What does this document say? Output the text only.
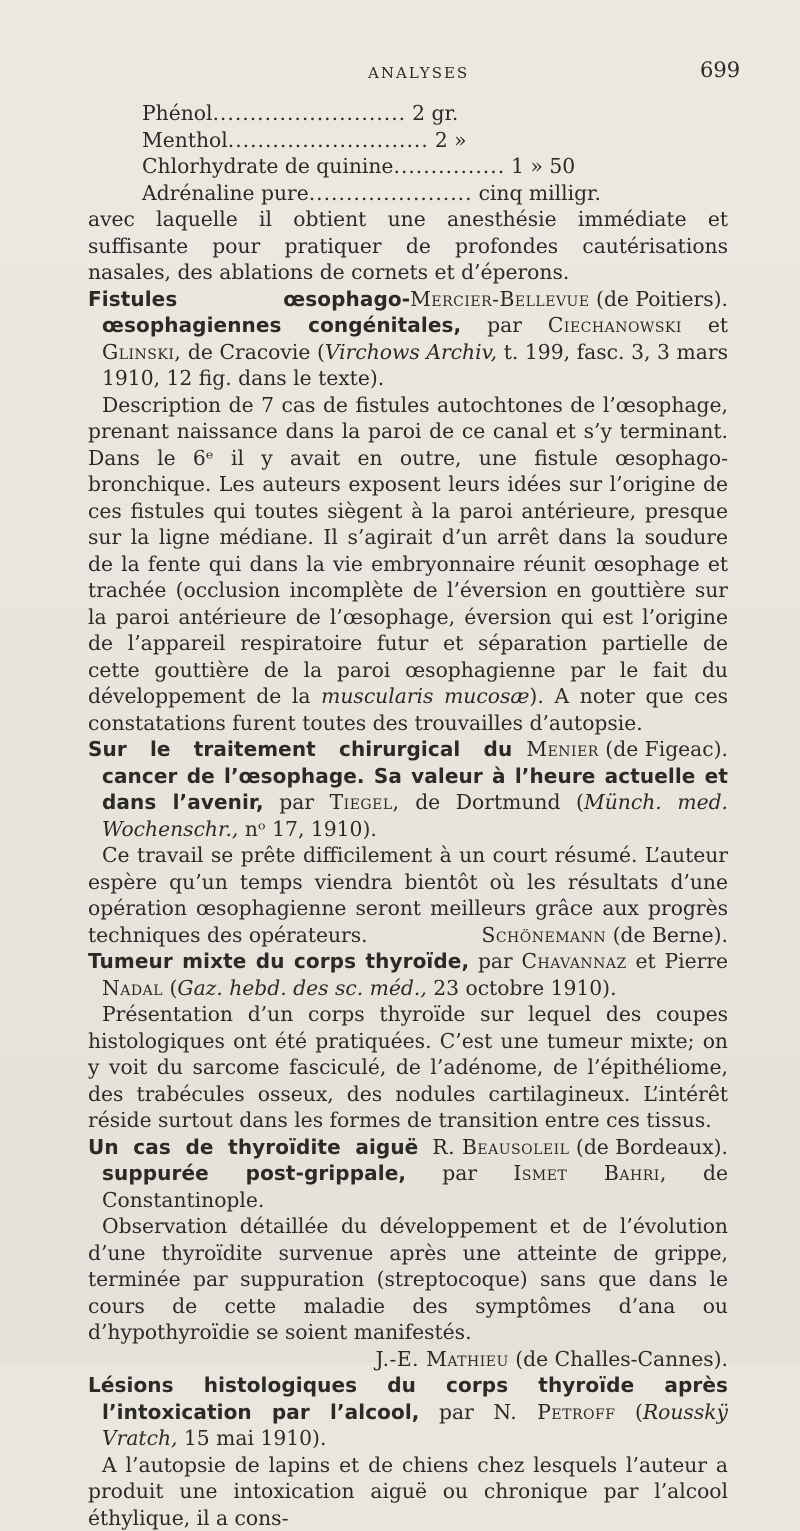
ANALYSES	699
Phénol .......................... 2 gr.
Menthol ........................... 2 »
Chlorhydrate de quinine ............... 1 » 50
Adrénaline pure ...................... cinq milligr.

avec laquelle il obtient une anesthésie immédiate et suffisante pour pratiquer de profondes cautérisations nasales, des ablations de cornets et d’éperons.
Mercier-Bellevue (de Poitiers).

Fistules œsophago-œsophagiennes congénitales, par Ciechanowski et Glinski, de Cracovie (Virchows Archiv, t. 199, fasc. 3, 3 mars 1910, 12 fig. dans le texte).

Description de 7 cas de fistules autochtones de l’œsophage, prenant naissance dans la paroi de ce canal et s’y terminant. Dans le 6ᵉ il y avait en outre, une fistule œsophago-bronchique. Les auteurs exposent leurs idées sur l’origine de ces fistules qui toutes siègent à la paroi antérieure, presque sur la ligne médiane. Il s’agirait d’un arrêt dans la soudure de la fente qui dans la vie embryonnaire réunit œsophage et trachée (occlusion incomplète de l’éversion en gouttière sur la paroi antérieure de l’œsophage, éversion qui est l’origine de l’appareil respiratoire futur et séparation partielle de cette gouttière de la paroi œsophagienne par le fait du développement de la muscularis mucosæ). A noter que ces constatations furent toutes des trouvailles d’autopsie.
Menier (de Figeac).

Sur le traitement chirurgical du cancer de l’œsophage. Sa valeur à l’heure actuelle et dans l’avenir, par Tiegel, de Dortmund (Münch. med. Wochenschr., nᵒ 17, 1910).

Ce travail se prête difficilement à un court résumé. L’auteur espère qu’un temps viendra bientôt où les résultats d’une opération œsophagienne seront meilleurs grâce aux progrès techniques des opérateurs.	Schönemann (de Berne).

Tumeur mixte du corps thyroïde, par Chavannaz et Pierre Nadal (Gaz. hebd. des sc. méd., 23 octobre 1910).

Présentation d’un corps thyroïde sur lequel des coupes histologiques ont été pratiquées. C’est une tumeur mixte; on y voit du sarcome fasciculé, de l’adénome, de l’épithéliome, des trabécules osseux, des nodules cartilagineux. L’intérêt réside surtout dans les formes de transition entre ces tissus.
R. Beausoleil (de Bordeaux).

Un cas de thyroïdite aiguë suppurée post-grippale, par Ismet Bahri, de Constantinople.

Observation détaillée du développement et de l’évolution d’une thyroïdite survenue après une atteinte de grippe, terminée par suppuration (streptocoque) sans que dans le cours de cette maladie des symptômes d’ana ou d’hypothyroïdie se soient manifestés.

J.-E. Mathieu (de Challes-Cannes).

Lésions histologiques du corps thyroïde après l’intoxication par l’alcool, par N. Petroff (Rousskÿ Vratch, 15 mai 1910).

A l’autopsie de lapins et de chiens chez lesquels l’auteur a produit une intoxication aiguë ou chronique par l’alcool éthylique, il a cons-
